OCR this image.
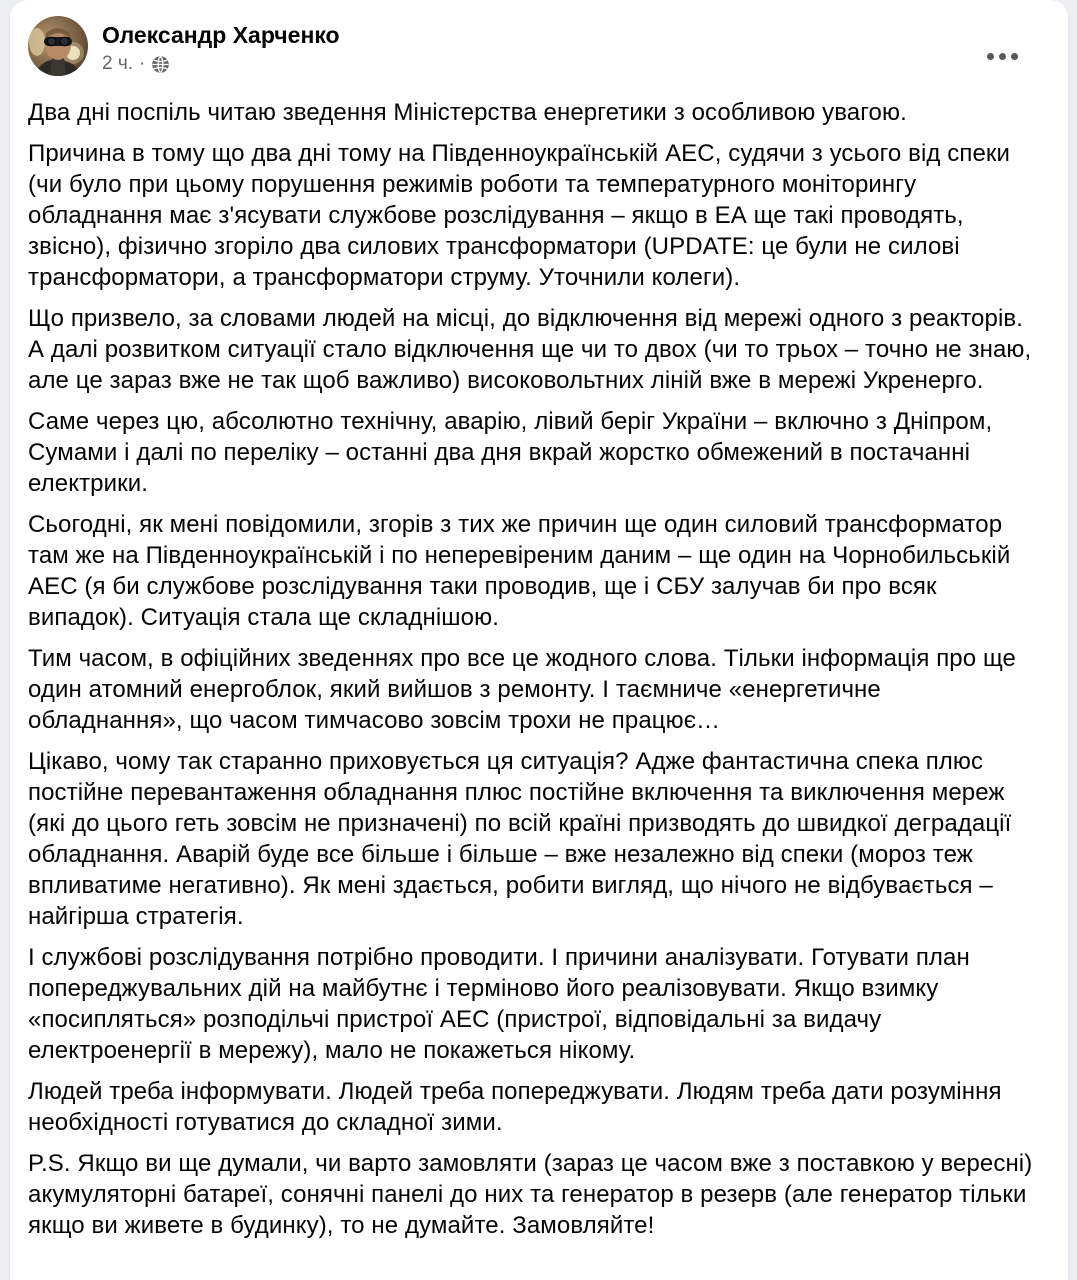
Олександр Харченко
2 ч. ·

Два дні поспіль читаю зведення Міністерства енергетики з особливою увагою.

Причина в тому що два дні тому на Південноукраїнській АЕС, судячи з усього від спеки (чи було при цьому порушення режимів роботи та температурного моніторингу обладнання має з'ясувати службове розслідування – якщо в ЕА ще такі проводять, звісно), фізично згоріло два силових трансформатори (UPDATE: це були не силові трансформатори, а трансформатори струму. Уточнили колеги).

Що призвело, за словами людей на місці, до відключення від мережі одного з реакторів. А далі розвитком ситуації стало відключення ще чи то двох (чи то трьох – точно не знаю, але це зараз вже не так щоб важливо) високовольтних ліній вже в мережі Укренерго.

Саме через цю, абсолютно технічну, аварію, лівий беріг України – включно з Дніпром, Сумами і далі по переліку – останні два дня вкрай жорстко обмежений в постачанні електрики.

Сьогодні, як мені повідомили, згорів з тих же причин ще один силовий трансформатор там же на Південноукраїнській і по неперевіреним даним – ще один на Чорнобильській АЕС (я би службове розслідування таки проводив, ще і СБУ залучав би про всяк випадок). Ситуація стала ще складнішою.

Тим часом, в офіційних зведеннях про все це жодного слова. Тільки інформація про ще один атомний енергоблок, який вийшов з ремонту. І таємниче «енергетичне обладнання», що часом тимчасово зовсім трохи не працює…

Цікаво, чому так старанно приховується ця ситуація? Адже фантастична спека плюс постійне перевантаження обладнання плюс постійне включення та виключення мереж (які до цього геть зовсім не призначені) по всій країні призводять до швидкої деградації обладнання. Аварій буде все більше і більше – вже незалежно від спеки (мороз теж впливатиме негативно). Як мені здається, робити вигляд, що нічого не відбувається – найгірша стратегія.

І службові розслідування потрібно проводити. І причини аналізувати. Готувати план попереджувальних дій на майбутнє і терміново його реалізовувати. Якщо взимку «посипляться» розподільчі пристрої АЕС (пристрої, відповідальні за видачу електроенергії в мережу), мало не покажеться нікому.

Людей треба інформувати. Людей треба попереджувати. Людям треба дати розуміння необхідності готуватися до складної зими.

P.S. Якщо ви ще думали, чи варто замовляти (зараз це часом вже з поставкою у вересні) акумуляторні батареї, сонячні панелі до них та генератор в резерв (але генератор тільки якщо ви живете в будинку), то не думайте. Замовляйте!
